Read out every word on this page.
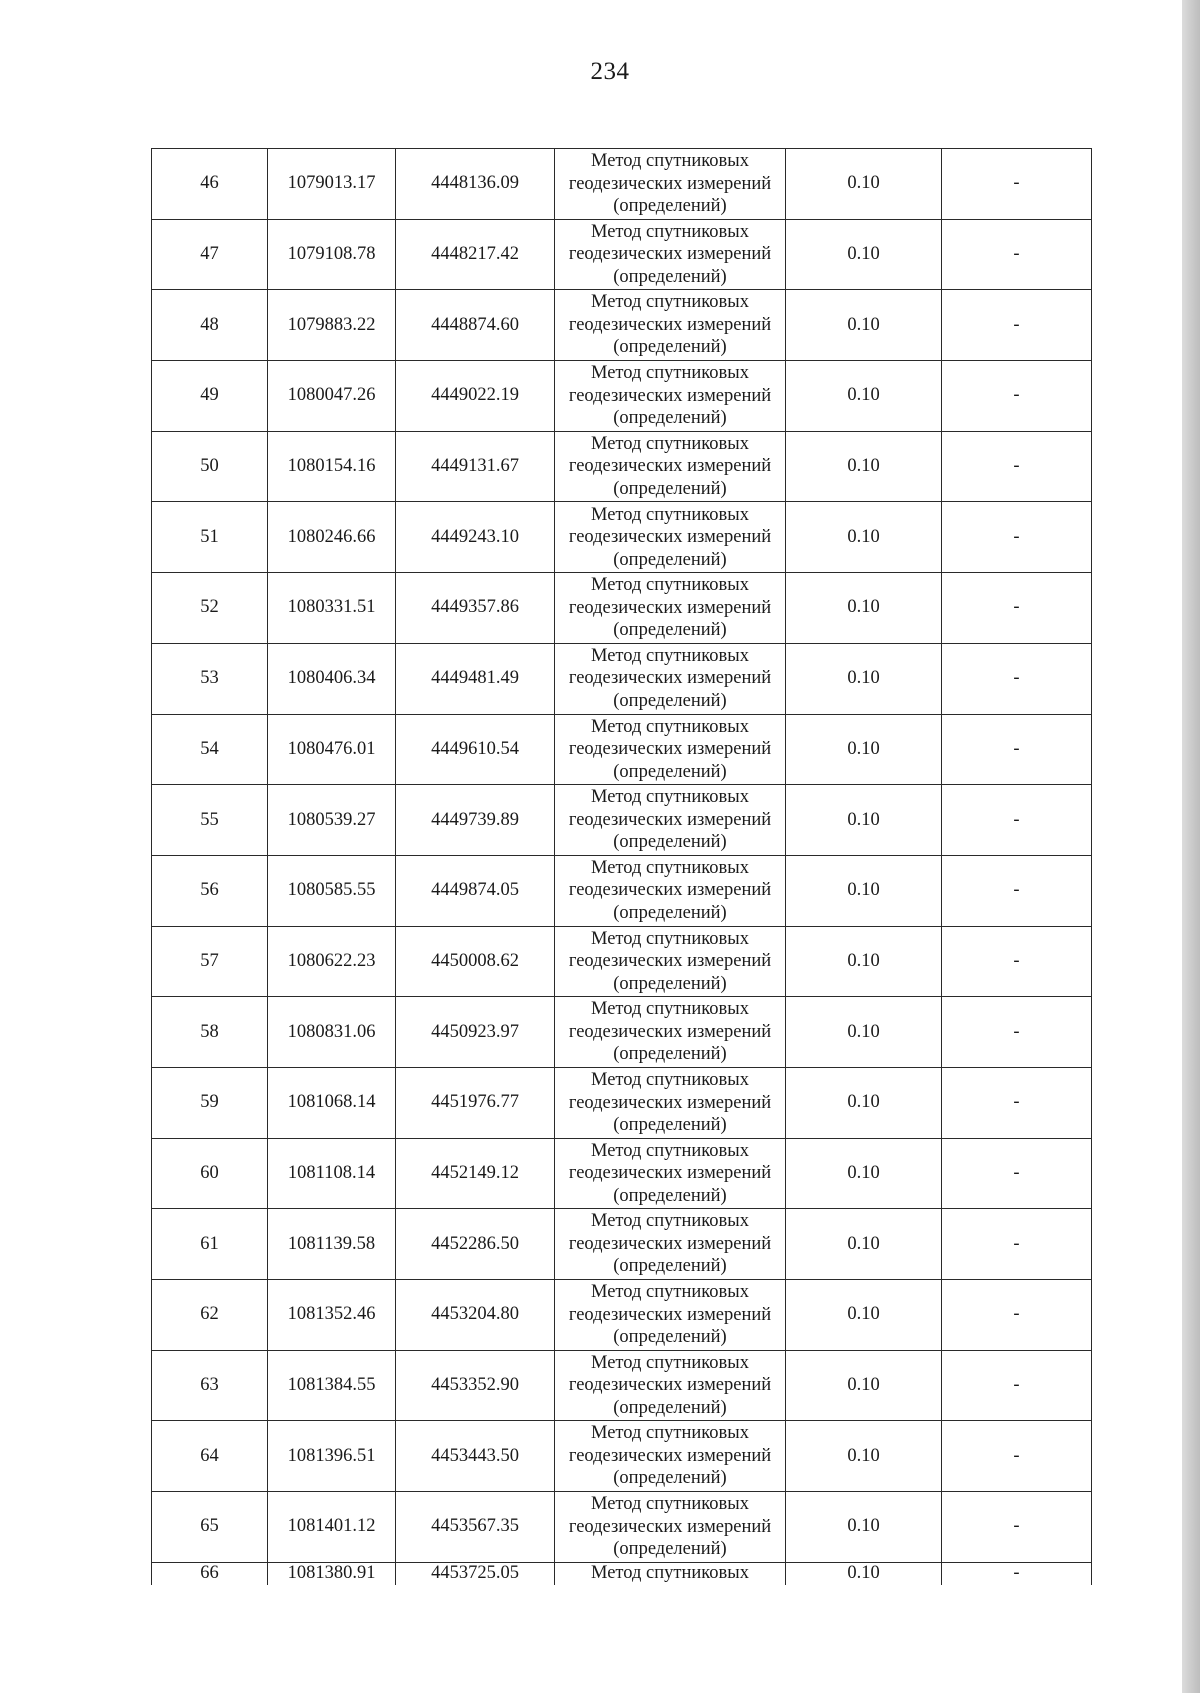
234
46	1079013.17	4448136.09	Метод спутниковых
геодезических измерений
(определений)	0.10	-
47	1079108.78	4448217.42	Метод спутниковых
геодезических измерений
(определений)	0.10	-
48	1079883.22	4448874.60	Метод спутниковых
геодезических измерений
(определений)	0.10	-
49	1080047.26	4449022.19	Метод спутниковых
геодезических измерений
(определений)	0.10	-
50	1080154.16	4449131.67	Метод спутниковых
геодезических измерений
(определений)	0.10	-
51	1080246.66	4449243.10	Метод спутниковых
геодезических измерений
(определений)	0.10	-
52	1080331.51	4449357.86	Метод спутниковых
геодезических измерений
(определений)	0.10	-
53	1080406.34	4449481.49	Метод спутниковых
геодезических измерений
(определений)	0.10	-
54	1080476.01	4449610.54	Метод спутниковых
геодезических измерений
(определений)	0.10	-
55	1080539.27	4449739.89	Метод спутниковых
геодезических измерений
(определений)	0.10	-
56	1080585.55	4449874.05	Метод спутниковых
геодезических измерений
(определений)	0.10	-
57	1080622.23	4450008.62	Метод спутниковых
геодезических измерений
(определений)	0.10	-
58	1080831.06	4450923.97	Метод спутниковых
геодезических измерений
(определений)	0.10	-
59	1081068.14	4451976.77	Метод спутниковых
геодезических измерений
(определений)	0.10	-
60	1081108.14	4452149.12	Метод спутниковых
геодезических измерений
(определений)	0.10	-
61	1081139.58	4452286.50	Метод спутниковых
геодезических измерений
(определений)	0.10	-
62	1081352.46	4453204.80	Метод спутниковых
геодезических измерений
(определений)	0.10	-
63	1081384.55	4453352.90	Метод спутниковых
геодезических измерений
(определений)	0.10	-
64	1081396.51	4453443.50	Метод спутниковых
геодезических измерений
(определений)	0.10	-
65	1081401.12	4453567.35	Метод спутниковых
геодезических измерений
(определений)	0.10	-
66	1081380.91	4453725.05	Метод спутниковых	0.10	-
